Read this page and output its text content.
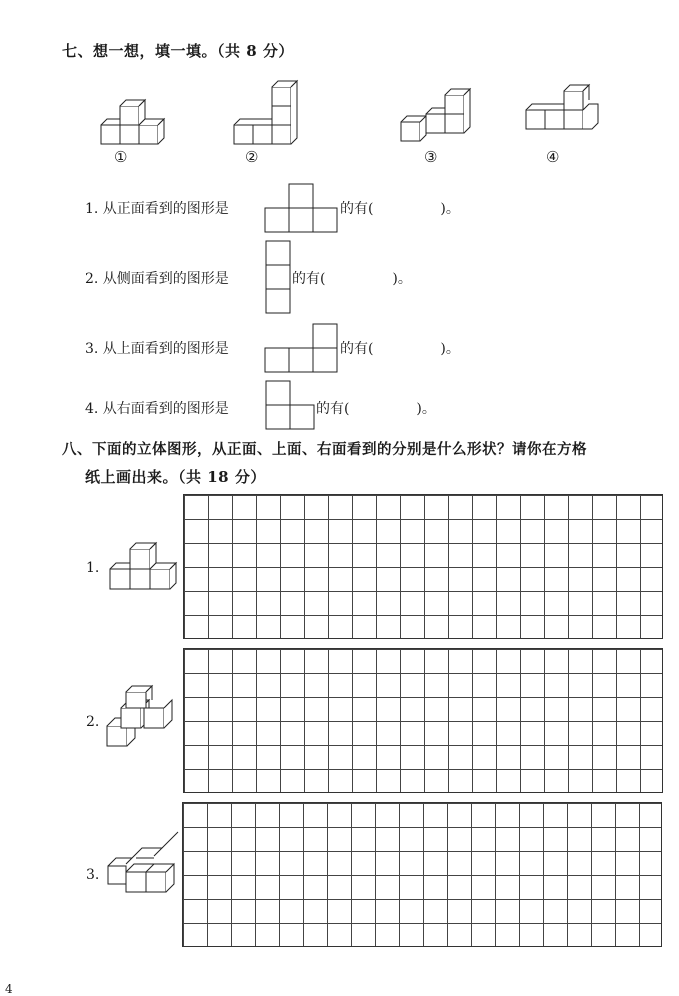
七、想一想，填一填。（共 8 分）
①	②	③	④
1. 从正面看到的图形是	的有(	)。
2. 从侧面看到的图形是	的有(	)。
3. 从上面看到的图形是	的有(	)。
4. 从右面看到的图形是	的有(	)。
八、下面的立体图形，从正面、上面、右面看到的分别是什么形状？请你在方格
纸上画出来。（共 18 分）
1.
2.
3.
4
